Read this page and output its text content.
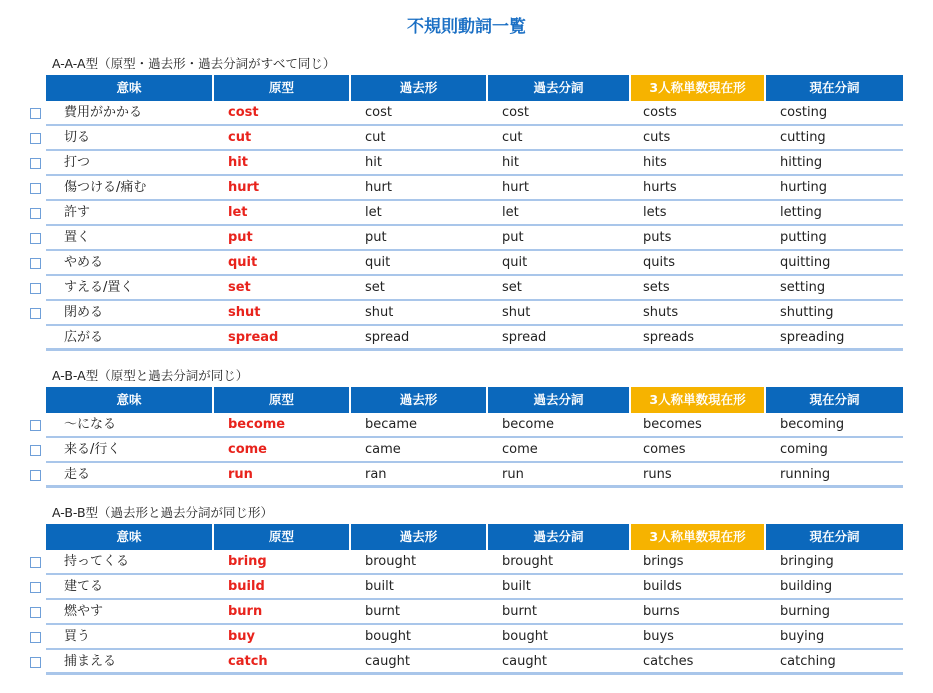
不規則動詞一覧
A-A-A型（原型・過去形・過去分詞がすべて同じ）
意味	原型	過去形	過去分詞	3人称単数現在形	現在分詞
費用がかかる	cost	cost	cost	costs	costing
切る	cut	cut	cut	cuts	cutting
打つ	hit	hit	hit	hits	hitting
傷つける/痛む	hurt	hurt	hurt	hurts	hurting
許す	let	let	let	lets	letting
置く	put	put	put	puts	putting
やめる	quit	quit	quit	quits	quitting
すえる/置く	set	set	set	sets	setting
閉める	shut	shut	shut	shuts	shutting
広がる	spread	spread	spread	spreads	spreading
A-B-A型（原型と過去分詞が同じ）
意味	原型	過去形	過去分詞	3人称単数現在形	現在分詞
～になる	become	became	become	becomes	becoming
来る/行く	come	came	come	comes	coming
走る	run	ran	run	runs	running
A-B-B型（過去形と過去分詞が同じ形）
意味	原型	過去形	過去分詞	3人称単数現在形	現在分詞
持ってくる	bring	brought	brought	brings	bringing
建てる	build	built	built	builds	building
燃やす	burn	burnt	burnt	burns	burning
買う	buy	bought	bought	buys	buying
捕まえる	catch	caught	caught	catches	catching
